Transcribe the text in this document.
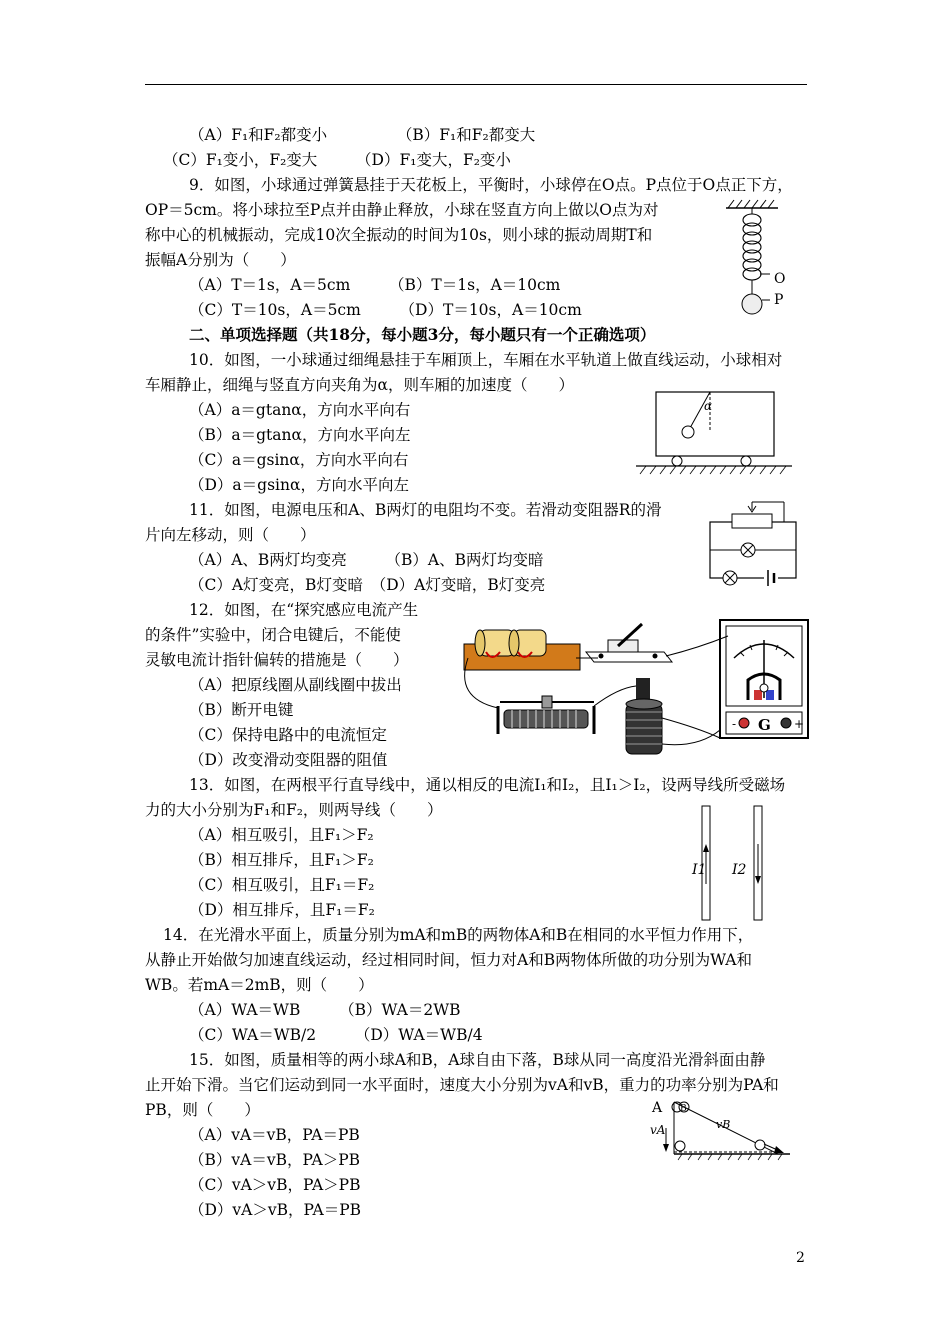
（A）F₁和F₂都变小　　　　　（B）F₁和F₂都变大
（C）F₁变小，F₂变大　　　（D）F₁变大，F₂变小
9．如图，小球通过弹簧悬挂于天花板上，平衡时，小球停在O点。P点位于O点正下方，
OP＝5cm。将小球拉至P点并由静止释放，小球在竖直方向上做以O点为对
称中心的机械振动，完成10次全振动的时间为10s，则小球的振动周期T和
振幅A分别为（　　）
（A）T＝1s，A＝5cm　　　（B）T＝1s，A＝10cm
（C）T＝10s，A＝5cm　　　（D）T＝10s，A＝10cm
二、单项选择题（共18分，每小题3分，每小题只有一个正确选项）
10．如图，一小球通过细绳悬挂于车厢顶上，车厢在水平轨道上做直线运动，小球相对
车厢静止，细绳与竖直方向夹角为α，则车厢的加速度（　　）
（A）a＝gtanα，方向水平向右
（B）a＝gtanα，方向水平向左
（C）a＝gsinα，方向水平向右
（D）a＝gsinα，方向水平向左
11．如图，电源电压和A、B两灯的电阻均不变。若滑动变阻器R的滑
片向左移动，则（　　）
（A）A、B两灯均变亮　　　（B）A、B两灯均变暗
（C）A灯变亮，B灯变暗　（D）A灯变暗，B灯变亮
12．如图，在“探究感应电流产生
的条件”实验中，闭合电键后，不能使
灵敏电流计指针偏转的措施是（　　）
（A）把原线圈从副线圈中拔出
（B）断开电键
（C）保持电路中的电流恒定
（D）改变滑动变阻器的阻值
13．如图，在两根平行直导线中，通以相反的电流I₁和I₂，且I₁＞I₂，设两导线所受磁场
力的大小分别为F₁和F₂，则两导线（　　）
（A）相互吸引，且F₁＞F₂
（B）相互排斥，且F₁＞F₂
（C）相互吸引，且F₁＝F₂
（D）相互排斥，且F₁＝F₂
14．在光滑水平面上，质量分别为mA和mB的两物体A和B在相同的水平恒力作用下，
从静止开始做匀加速直线运动，经过相同时间，恒力对A和B两物体所做的功分别为WA和
WB。若mA＝2mB，则（　　）
（A）WA＝WB　　　（B）WA＝2WB
（C）WA＝WB/2　　　（D）WA＝WB/4
15．如图，质量相等的两小球A和B，A球自由下落，B球从同一高度沿光滑斜面由静
止开始下滑。当它们运动到同一水平面时，速度大小分别为vA和vB，重力的功率分别为PA和
PB，则（　　）
（A）vA＝vB，PA＝PB
（B）vA＝vB，PA＞PB
（C）vA＞vB，PA＞PB
（D）vA＞vB，PA＝PB
O
P
α
-	+
G
I1 I2
A B
vA	vB
2
